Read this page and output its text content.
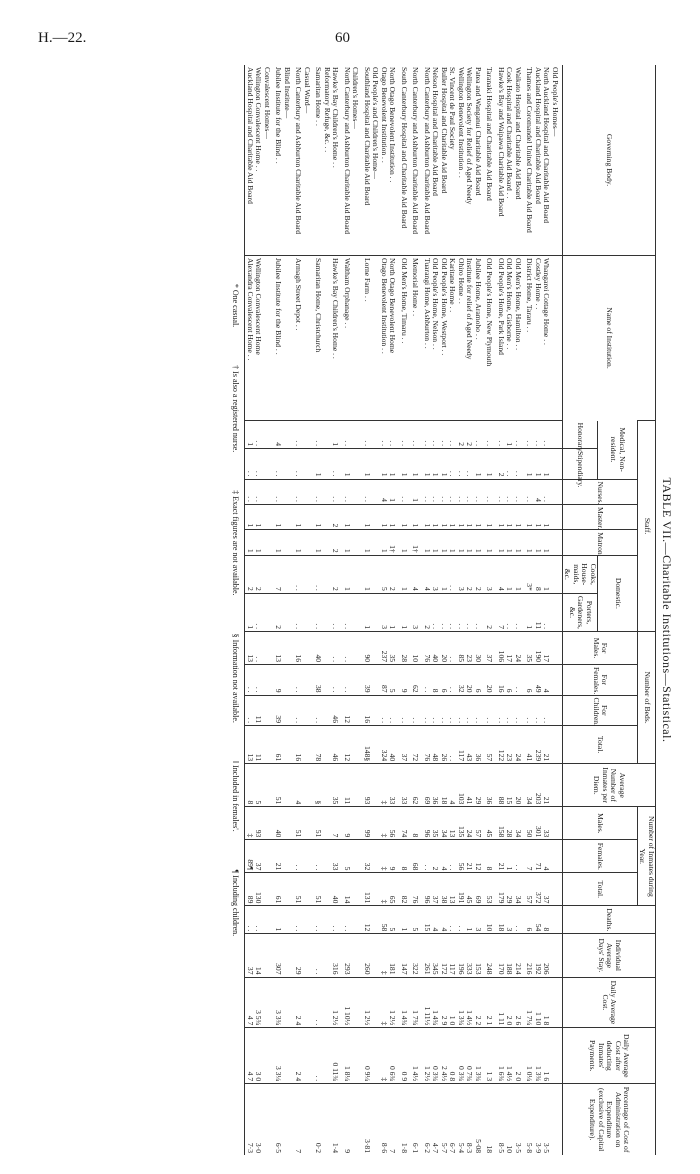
H.—22.	60
TABLE VII.—Charitable Institutions—Statistical.
Governing Body.	Name of Institution.	Staff.							Number of Beds.				Average Number of Inmates per Diem.	Number of Inmates during Year.			Deaths.	Individual Average Days' Stay.	Daily Average Cost.	Daily Average Cost after deducting Inmates' Payments.	Percentage of Cost of Administration on Expenditure (exclusive of Capital Expenditure).
		Medical, Non-resident.		Nurses.	Master.	Matron.	Domestic.		For Males.	For Females.	For Children.	Total.		Males.	Females.	Total.					
		Honorary.	Stipendiary.				Cooks, House-maids, &c.	Porters, Gardeners, &c.													
Old People's Homes—																					
North Auckland Hospital and Charitable Aid Board	Whangarei Cottage Home . .	. .	1	. .	1	1	1	. .	17	4	. .	21	21	33	4	37	8	206	1 8	1 6	3·5
Auckland Hospital and Charitable Aid Board	Costley Home . .	. .	1	4	1	1	8	11	190	49	. .	239	203	301	71	372	54	192	1 10	1 3¾	3·9
Thames and Coromandel United Charitable Aid Board	District Home, Tararu . .	. .	1	. .	1	1	3*	1	35	6	. .	41	34	50	7	57	6	216	1 7¼	1 0¼	5·8
Waikato Hospital and Charitable Aid Board	Old Men's Home, Hamilton . .	. .	. .	. .	1	1	1	. .	24	. .	. .	24	20	34	. .	34	. .	214	2 6	2 0	3·5
Cook Hospital and Charitable Aid Board . .	Old Men's Home, Gisborne . .	1	. .	. .	1	1	1	. .	17	6	. .	23	15	28	1	29	3	188	2 0	1 4½	10
Hawke's Bay and Waipawa Charitable Aid Board	Old People's Home, Park Island	. .	2	. .	1	1	4	7	106	16	. .	122	88	158	21	179	18	170	1 11	1 6¾	8·5
Taranaki Hospital and Charitable Aid Board	Old People's Home, New Plymouth	. .	1	. .	1	1	3	2	37	20	. .	57	36	45	8	53	10	248	2 1	1 3	18
Patea and Wanganui Charitable Aid Board	Jubilee Home, Aramoho . .	. .	1	. .	1	1	2	. .	30	6	. .	36	29	57	12	69	3	153	2 2	1 3¾	5·08
Wellington Society for Relief of Aged Needy	Institute for relief of Aged Needy	2	. .	. .	1	1	2	. .	23	20	. .	43	41	24	21	45	1	333	1 4½	0 7¾	8·3
Wellington Benevolent Institution . .	Ohiro Home . .	2	. .	. .	1	1	3	. .	85	32	. .	117	103	135	56	191	. .	196	1 3¾	0 3¾	5·4
St. Vincent de Paul Society	Karitane Home . .	. .	. .	. .	1	1	. .	. .	. .	. .	. .	. .	4	13	. .	13	. .	117	1 0	0 8	6·7
Buller Hospital and Charitable Aid Board	Old People's Home, Westport . .	. .	1	. .	1	1	1	. .	20	6	. .	26	18	34	4	38	4	172	2 9	2 4½	5·7
Nelson Hospital and Charitable Aid Board	Old People's Home, Nelson . .	. .	1	. .	1	1	3	. .	40	8	. .	48	36	35	2	37	4	345	1 4¾	0 3¾	4·7
North Canterbury and Ashburton Charitable Aid Board	Tuarangi Home, Ashburton . .	. .	1	. .	1	1	4	2	76	. .	. .	76	69	96	. .	96	15	261	1 11½	1 2½	6·2
North Canterbury and Ashburton Charitable Aid Board	Memorial Home . .	. .	1	1	1	1†	4	3	10	62	. .	72	62	8	68	76	5	322	1 7¾	1 4½	6·1
South Canterbury Hospital and Charitable Aid Board	Old Men's Home, Timaru . .	. .	1	. .	1	1	1	1	28	9	. .	37	33	74	8	82	1	147	1 4¾	0 9	1·8
North Otago Benevolent Institution . .	North Otago Benevolent Home	. .	1	1	1	1†	2	1	35	5	. .	40	33	56	9	65	5	181	1 2½	0 6¾	7
Otago Benevolent Institution . .	Otago Benevolent Institution . .	. .	1	4	1	1	5	3	237	87	. .	324	‡	‡	‡	‡	58	‡	‡	‡	8·6
Old People's and Children's Home—																					
Southland Hospital and Charitable Aid Board	Lorne Farm . .	. .	1	. .	1	1	1	1	90	39	16	148§	93	99	32	131	12	260	1 2½	0 9¼	3·81
Children's Homes—																					
North Canterbury and Ashburton Charitable Aid Board	Waltham Orphanage . .	. .	1	. .	1	1	1	. .	. .	. .	12	12	11	9	5	14	. .	293	1 10½	1 8¼	9
Hawke's Bay Children's Home . .	Hawke's Bay Children's Home . .	1	. .	. .	2	2	2	. .	. .	. .	46	46	35	7	33	40	. .	316	1 2½	0 11¾	1·4
Reformatory Refuge, &c. . .																					
Samaritan Home . .	Samaritan Home, Christchurch	. .	1	. .	1	1	. .	. .	40	38	. .	78	§	51	. .	51	. .	. .	. .	. .	0·2
Casual Ward—																					
North Canterbury and Ashburton Charitable Aid Board	Armagh Street Depot . .	. .	. .	. .	1	1	. .	. .	16	. .	. .	16	4	51	. .	51	. .	29	2 4	2 4	7
Blind Institute—																					
Jubilee Institute for the Blind . .	Jubilee Institute for the Blind . .	4	. .	. .	1	1	7	2	13	9	39	61	51	40	21	61	1	307	3 3¾	3 3¼	6·5
Convalescent Homes—																					
Wellington Convalescent Home . .	Wellington Convalescent Home	. .	. .	. .	1	1	2	. .	. .	. .	11	11	5	93	37	130	. .	14	3 5¾	3 0	3·0
Auckland Hospital and Charitable Aid Board	Alexandra Convalescent Home . .	1	. .	. .	1	1	2	1	13	. .	. .	13	8	‡	89¶	89	. .	37	4 7	4 7	7·3
* One casual.
† Is also a registered nurse.
‡ Exact figures are not available.
§ Information not available.
‖ Included in females'.
¶ Including children.
